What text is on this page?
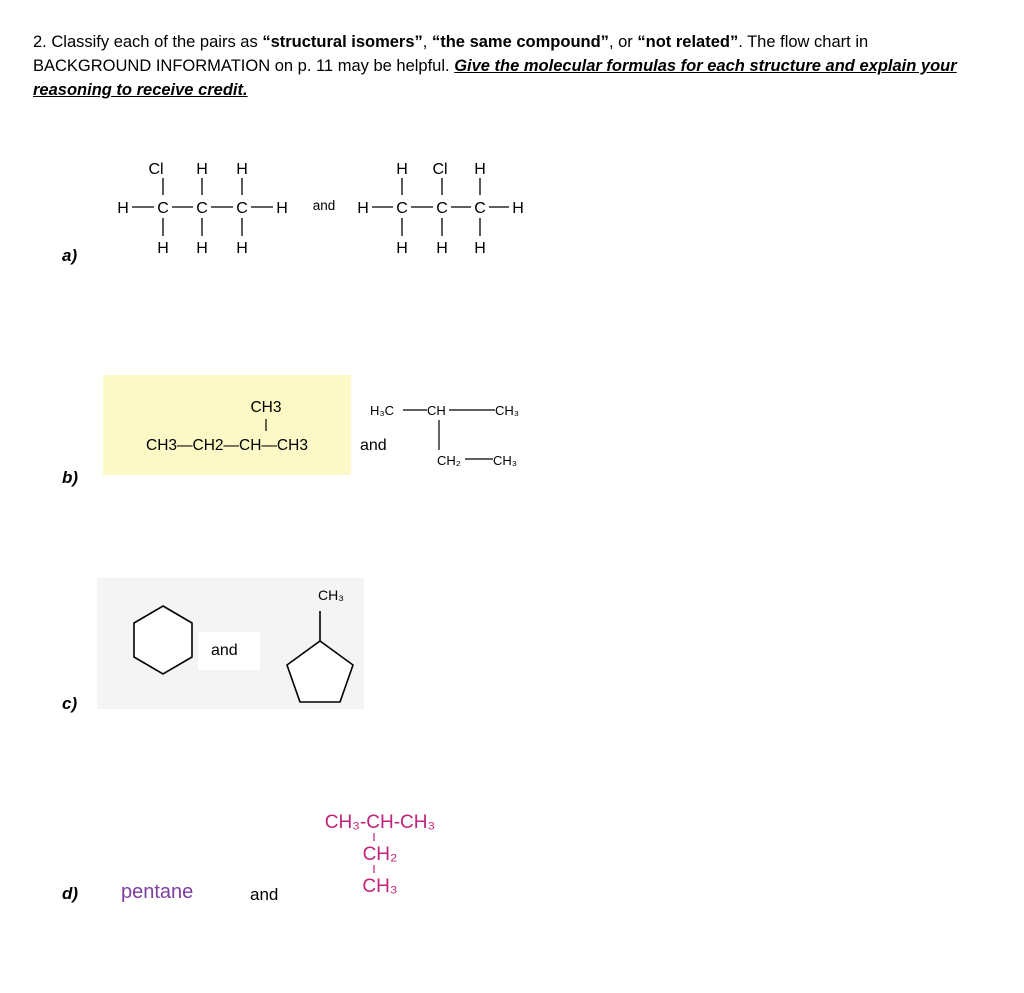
2. Classify each of the pairs as “structural isomers”, “the same compound”, or “not related”. The flow chart in BACKGROUND INFORMATION on p. 11 may be helpful. Give the molecular formulas for each structure and explain your reasoning to receive credit.
a)
Cl H H
H C C C H
H H H
and
H Cl H
H C C C H
H H H
b)
CH3
CH3—CH2—CH—CH3	and
H₃C	CH	CH₃
CH₂ CH₃
c)
and
CH₃
d) pentane	and
CH₃-CH-CH₃
CH₂
CH₃
